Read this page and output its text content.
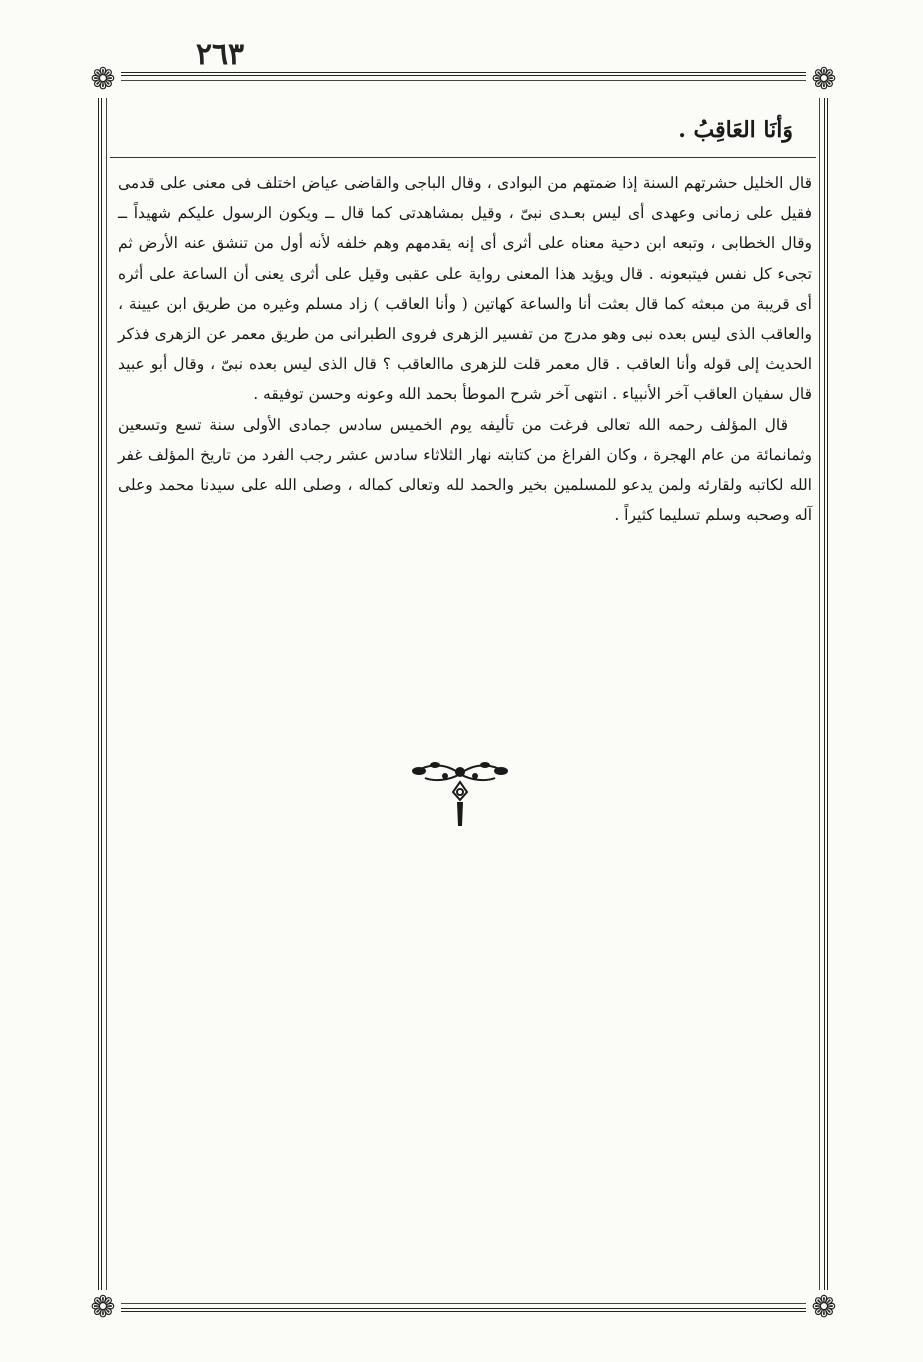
٢٦٣
❁	❁
❁	❁
وَأنَا العَاقِبُ .

قال الخليل حشرتهم السنة إذا ضمتهم من البوادى ، وقال الباجى والقاضى عياض اختلف فى معنى على قدمى فقيل على زمانى وعهدى أى ليس بعـدى نبىّ ، وقيل بمشاهدتى كما قال ــ ويكون الرسول عليكم شهيداً ــ وقال الخطابى ، وتبعه ابن دحية معناه على أثرى أى إنه يقدمهم وهم خلفه لأنه أول من تنشق عنه الأرض ثم تجىء كل نفس فيتبعونه . قال ويؤيد هذا المعنى رواية على عقبى وقيل على أثرى يعنى أن الساعة على أثره أى قريبة من مبعثه كما قال بعثت أنا والساعة كهاتين ( وأنا العاقب ) زاد مسلم وغيره من طريق ابن عيينة ، والعاقب الذى ليس بعده نبى وهو مدرج من تفسير الزهرى فروى الطبرانى من طريق معمر عن الزهرى فذكر الحديث إلى قوله وأنا العاقب . قال معمر قلت للزهرى ماالعاقب ؟ قال الذى ليس بعده نبىّ ، وقال أبو عبيد قال سفيان العاقب آخر الأنبياء . انتهى آخر شرح الموطأ بحمد الله وعونه وحسن توفيقه .

قال المؤلف رحمه الله تعالى فرغت من تأليفه يوم الخميس سادس جمادى الأولى سنة تسع وتسعين وثمانمائة من عام الهجرة ، وكان الفراغ من كتابته نهار الثلاثاء سادس عشر رجب الفرد من تاريخ المؤلف غفر الله لكاتبه ولقارئه ولمن يدعو للمسلمين بخير والحمد لله وتعالى كماله ، وصلى الله على سيدنا محمد وعلى آله وصحبه وسلم تسليما كثيراً .
